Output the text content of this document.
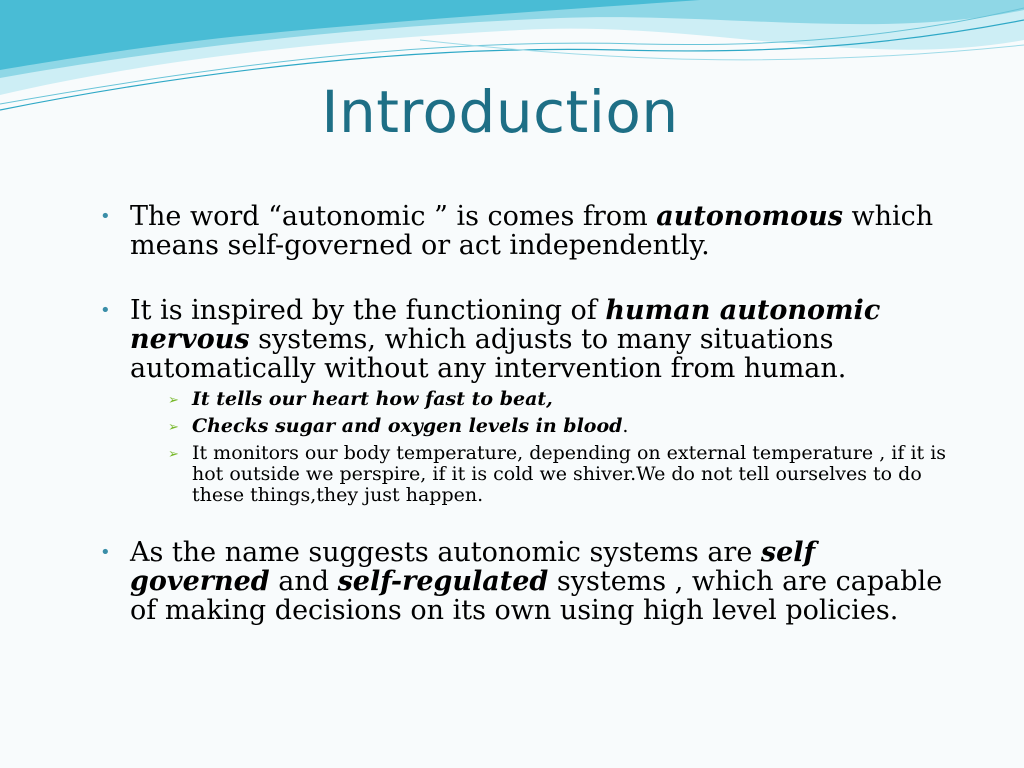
Introduction
• The word “autonomic ” is comes from autonomous which means self-governed or act independently.
• It is inspired by the functioning of human autonomic nervous systems, which adjusts to many situations automatically without any intervention from human.
➢ It tells our heart how fast to beat,
➢ Checks sugar and oxygen levels in blood.
➢ It monitors our body temperature, depending on external temperature , if it is hot outside we perspire, if it is cold we shiver.We do not tell ourselves to do these things,they just happen.
• As the name suggests autonomic systems are self governed and self-regulated systems , which are capable of making decisions on its own using high level policies.
